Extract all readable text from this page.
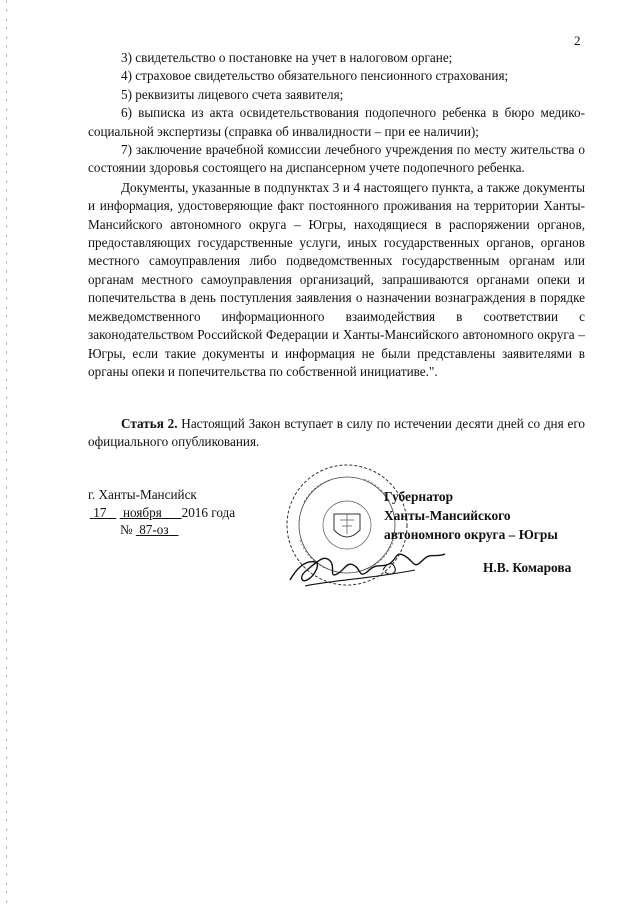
2

3) свидетельство о постановке на учет в налоговом органе;

4) страховое свидетельство обязательного пенсионного страхования;

5) реквизиты лицевого счета заявителя;

6) выписка из акта освидетельствования подопечного ребенка в бюро медико-социальной экспертизы (справка об инвалидности – при ее наличии);

7) заключение врачебной комиссии лечебного учреждения по месту жительства о состоянии здоровья состоящего на диспансерном учете подопечного ребенка.

Документы, указанные в подпунктах 3 и 4 настоящего пункта, а также документы и информация, удостоверяющие факт постоянного проживания на территории Ханты-Мансийского автономного округа – Югры, находящиеся в распоряжении органов, предоставляющих государственные услуги, иных государственных органов, органов местного самоуправления либо подведомственных государственным органам или органам местного самоуправления организаций, запрашиваются органами опеки и попечительства в день поступления заявления о назначении вознаграждения в порядке межведомственного информационного взаимодействия в соответствии с законодательством Российской Федерации и Ханты-Мансийского автономного округа – Югры, если такие документы и информация не были представлены заявителями в органы опеки и попечительства по собственной инициативе.".

Статья 2. Настоящий Закон вступает в силу по истечении десяти дней со дня его официального опубликования.

г. Ханты-Мансийск
17 ноября 2016 года
№ 87-оз
Губернатор
Ханты-Мансийского
автономного округа – Югры
Н.В. Комарова
